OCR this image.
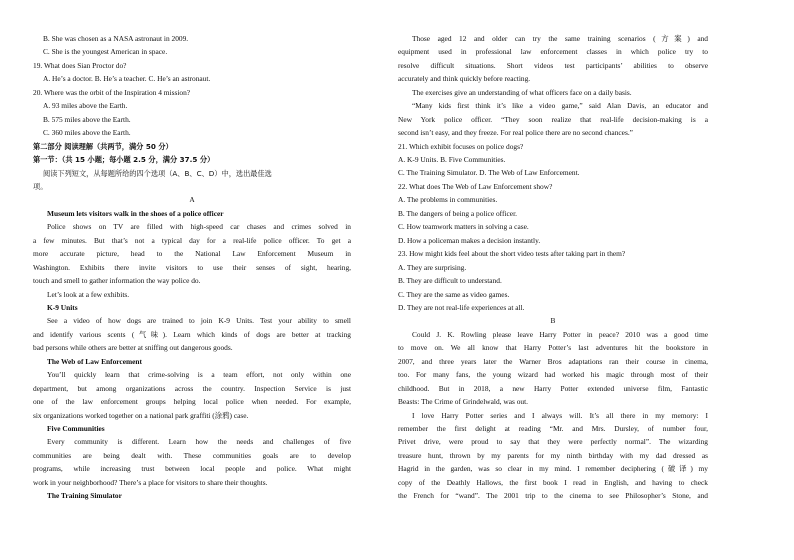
B. She was chosen as a NASA astronaut in 2009.
C. She is the youngest American in space.
19. What does Sian Proctor do?
A. He’s a doctor. B. He’s a teacher. C. He’s an astronaut.
20. Where was the orbit of the Inspiration 4 mission?
A. 93 miles above the Earth.
B. 575 miles above the Earth.
C. 360 miles above the Earth.
第二部分 阅读理解（共两节，满分 50 分）
第一节：（共 15 小题；每小题 2.5 分，满分 37.5 分）
阅读下列短文，从每题所给的四个选项（A、B、C、D）中，选出最佳选
项。
A
Museum lets visitors walk in the shoes of a police officer
Police shows on TV are filled with high-speed car chases and crimes solved in
a few minutes. But that’s not a typical day for a real-life police officer. To get a
more accurate picture, head to the National Law Enforcement Museum in
Washington. Exhibits there invite visitors to use their senses of sight, hearing,
touch and smell to gather information the way police do.
Let’s look at a few exhibits.
K-9 Units
See a video of how dogs are trained to join K-9 Units. Test your ability to smell
and identify various scents (气味). Learn which kinds of dogs are better at tracking
bad persons while others are better at sniffing out dangerous goods.
The Web of Law Enforcement
You’ll quickly learn that crime-solving is a team effort, not only within one
department, but among organizations across the country. Inspection Service is just
one of the law enforcement groups helping local police when needed. For example,
six organizations worked together on a national park graffiti (涂鸦) case.
Five Communities
Every community is different. Learn how the needs and challenges of five
communities are being dealt with. These communities goals are to develop
programs, while increasing trust between local people and police. What might
work in your neighborhood? There’s a place for visitors to share their thoughts.
The Training Simulator
Those aged 12 and older can try the same training scenarios (方案) and
equipment used in professional law enforcement classes in which police try to
resolve difficult situations. Short videos test participants’ abilities to observe
accurately and think quickly before reacting.
The exercises give an understanding of what officers face on a daily basis.
“Many kids first think it’s like a video game,” said Alan Davis, an educator and
New York police officer. “They soon realize that real-life decision-making is a
second isn’t easy, and they freeze. For real police there are no second chances.”
21. Which exhibit focuses on police dogs?
A. K-9 Units. B. Five Communities.
C. The Training Simulator. D. The Web of Law Enforcement.
22. What does The Web of Law Enforcement show?
A. The problems in communities.
B. The dangers of being a police officer.
C. How teamwork matters in solving a case.
D. How a policeman makes a decision instantly.
23. How might kids feel about the short video tests after taking part in them?
A. They are surprising.
B. They are difficult to understand.
C. They are the same as video games.
D. They are not real-life experiences at all.
B
Could J. K. Rowling please leave Harry Potter in peace? 2010 was a good time
to move on. We all know that Harry Potter’s last adventures hit the bookstore in
2007, and three years later the Warner Bros adaptations ran their course in cinema,
too. For many fans, the young wizard had worked his magic through most of their
childhood. But in 2018, a new Harry Potter extended universe film, Fantastic
Beasts: The Crime of Grindelwald, was out.
I love Harry Potter series and I always will. It’s all there in my memory: I
remember the first delight at reading “Mr. and Mrs. Dursley, of number four,
Privet drive, were proud to say that they were perfectly normal”. The wizarding
treasure hunt, thrown by my parents for my ninth birthday with my dad dressed as
Hagrid in the garden, was so clear in my mind. I remember deciphering (破译) my
copy of the Deathly Hallows, the first book I read in English, and having to check
the French for “wand”. The 2001 trip to the cinema to see Philosopher’s Stone, and
